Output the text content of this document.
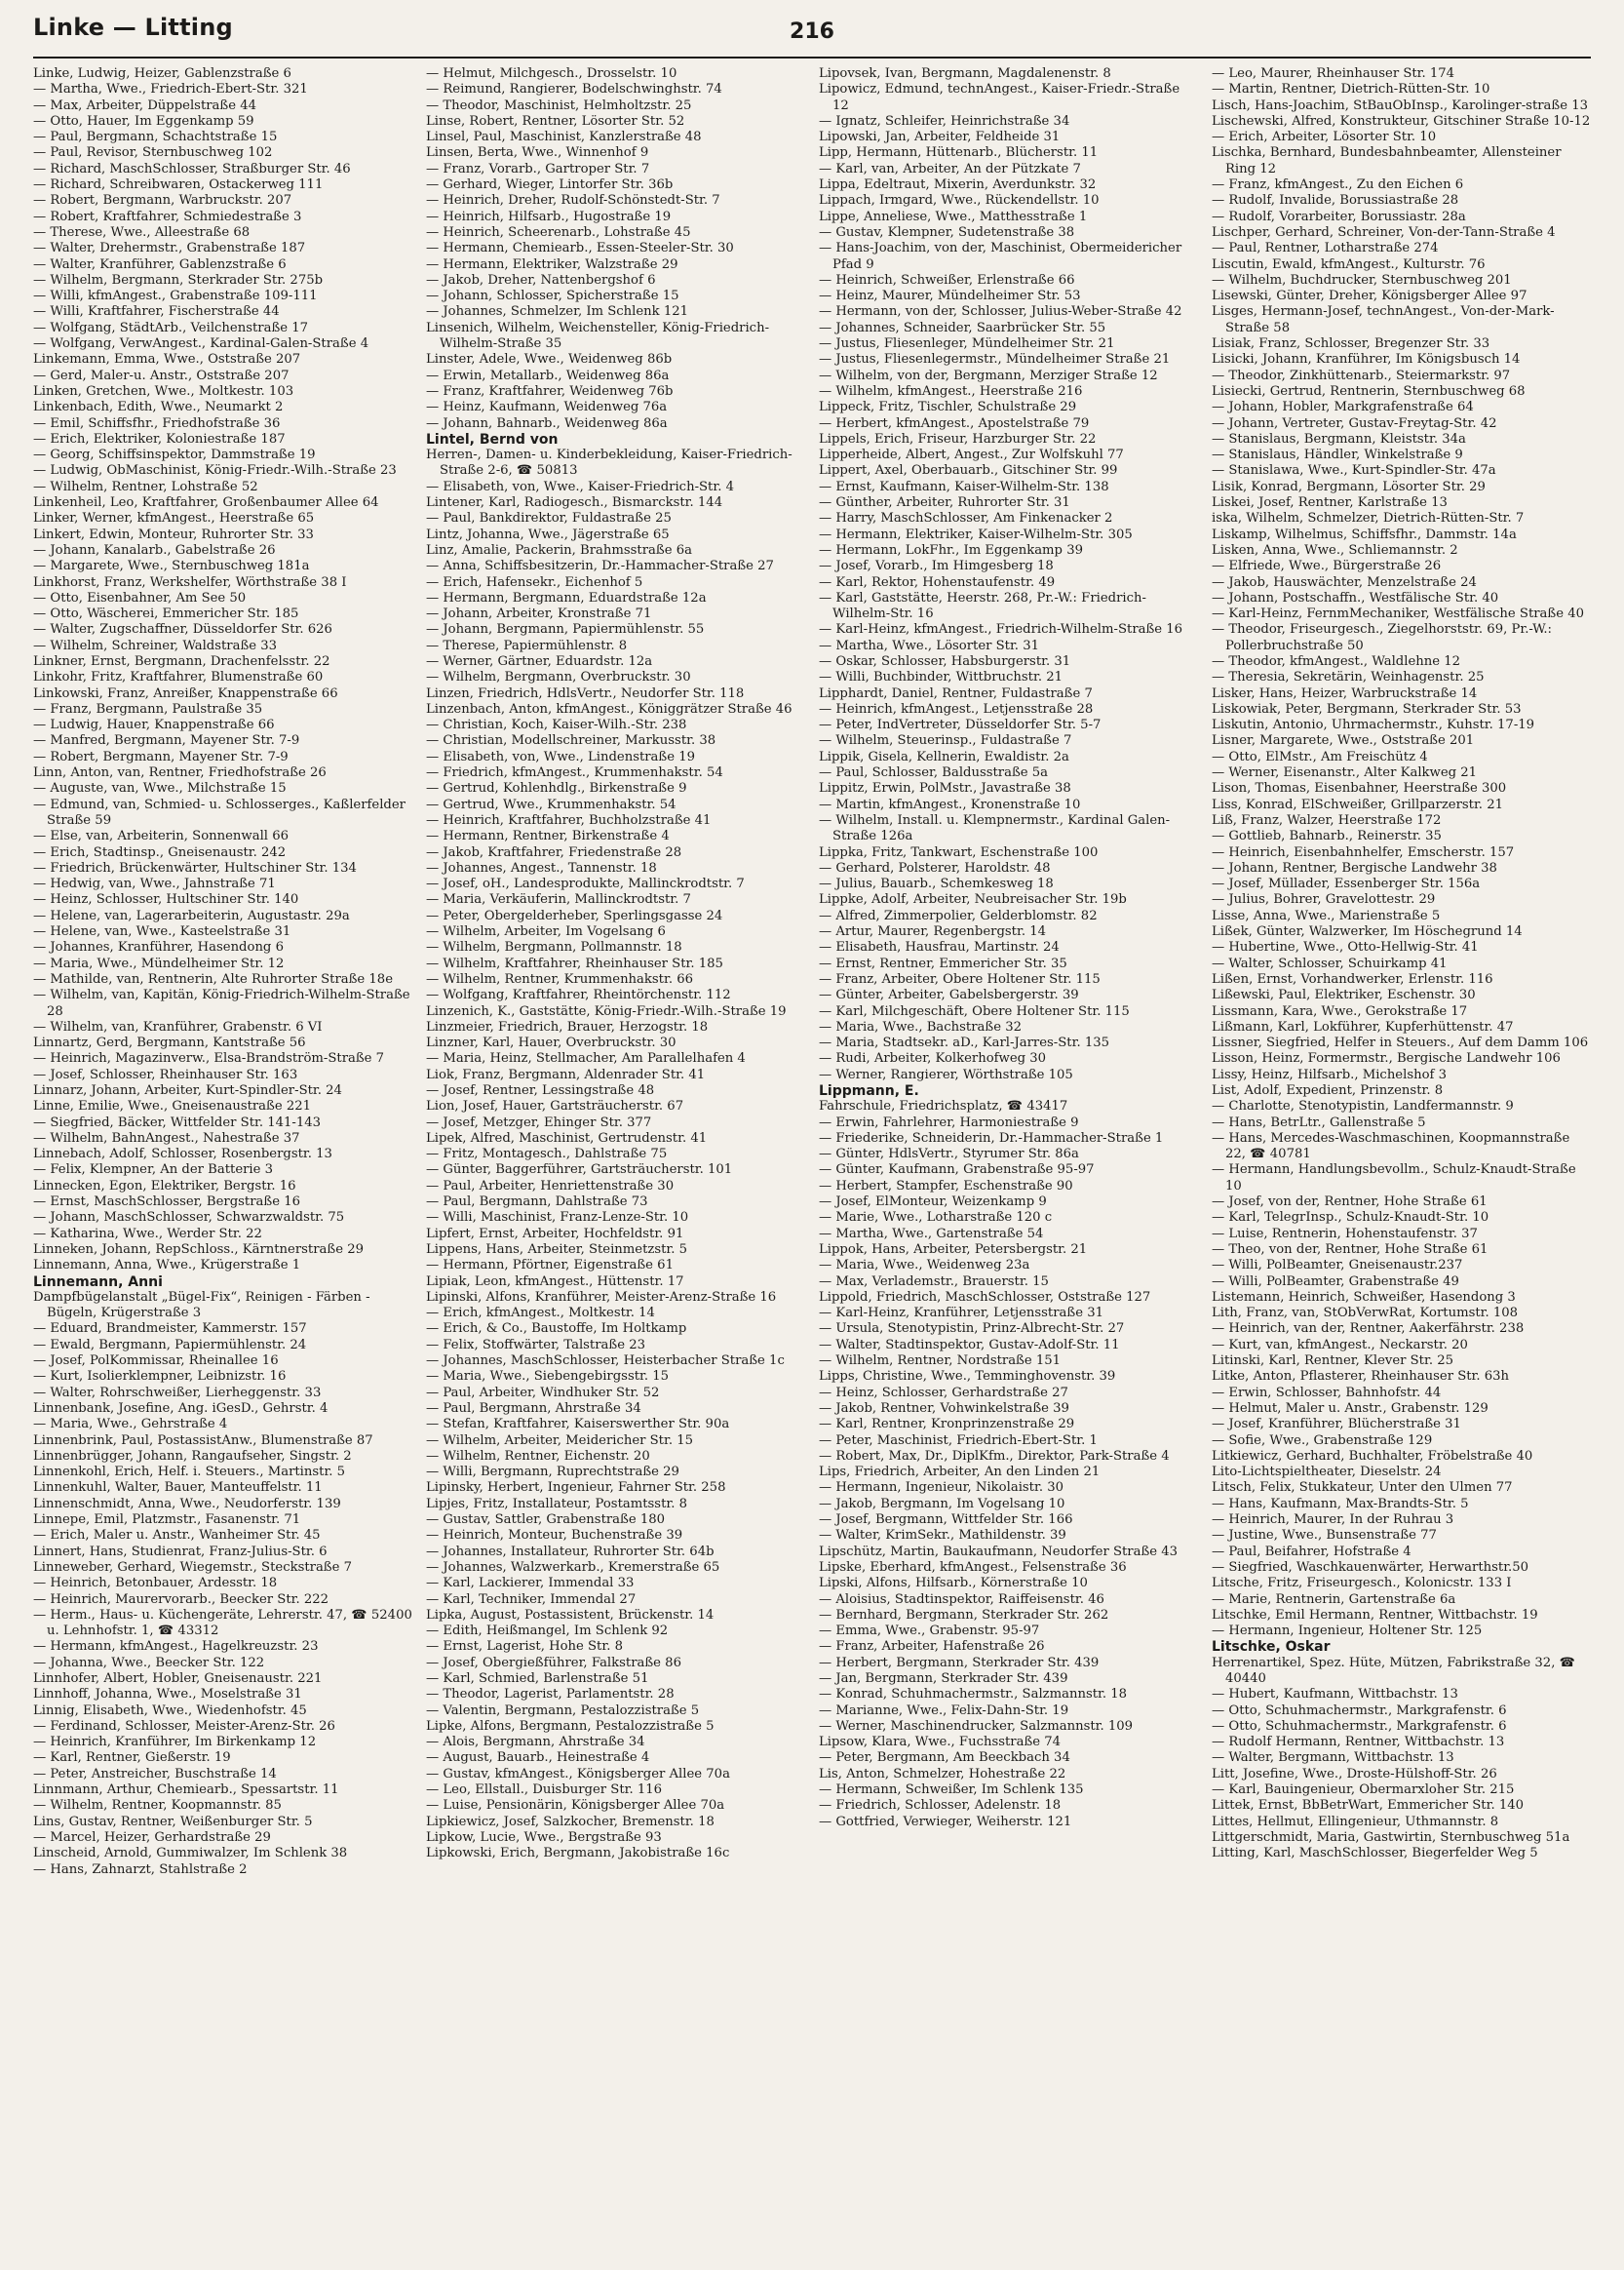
Linke — Litting	216
Linke, Ludwig, Heizer, Gablenzstraße 6
— Martha, Wwe., Friedrich-Ebert-Str. 321
— Max, Arbeiter, Düppelstraße 44
— Otto, Hauer, Im Eggenkamp 59
— Paul, Bergmann, Schachtstraße 15
— Paul, Revisor, Sternbuschweg 102
— Richard, MaschSchlosser, Straßburger Str. 46
— Richard, Schreibwaren, Ostackerweg 111
— Robert, Bergmann, Warbruckstr. 207
— Robert, Kraftfahrer, Schmiedestraße 3
— Therese, Wwe., Alleestraße 68
— Walter, Drehermstr., Grabenstraße 187
— Walter, Kranführer, Gablenzstraße 6
— Wilhelm, Bergmann, Sterkrader Str. 275b
— Willi, kfmAngest., Grabenstraße 109-111
— Willi, Kraftfahrer, Fischerstraße 44
— Wolfgang, StädtArb., Veilchenstraße 17
— Wolfgang, VerwAngest., Kardinal-Galen-Straße 4
Linkemann, Emma, Wwe., Oststraße 207
— Gerd, Maler-u. Anstr., Oststraße 207
Linken, Gretchen, Wwe., Moltkestr. 103
Linkenbach, Edith, Wwe., Neumarkt 2
— Emil, Schiffsfhr., Friedhofstraße 36
— Erich, Elektriker, Koloniestraße 187
— Georg, Schiffsinspektor, Dammstraße 19
— Ludwig, ObMaschinist, König-Friedr.-Wilh.-Straße 23
— Wilhelm, Rentner, Lohstraße 52
Linkenheil, Leo, Kraftfahrer, Großenbaumer Allee 64
Linker, Werner, kfmAngest., Heerstraße 65
Linkert, Edwin, Monteur, Ruhrorter Str. 33
— Johann, Kanalarb., Gabelstraße 26
— Margarete, Wwe., Sternbuschweg 181a
Linkhorst, Franz, Werkshelfer, Wörthstraße 38 I
— Otto, Eisenbahner, Am See 50
— Otto, Wäscherei, Emmericher Str. 185
— Walter, Zugschaffner, Düsseldorfer Str. 626
— Wilhelm, Schreiner, Waldstraße 33
Linkner, Ernst, Bergmann, Drachenfelsstr. 22
Linkohr, Fritz, Kraftfahrer, Blumenstraße 60
Linkowski, Franz, Anreißer, Knappenstraße 66
— Franz, Bergmann, Paulstraße 35
— Ludwig, Hauer, Knappenstraße 66
— Manfred, Bergmann, Mayener Str. 7-9
— Robert, Bergmann, Mayener Str. 7-9
Linn, Anton, van, Rentner, Friedhofstraße 26
— Auguste, van, Wwe., Milchstraße 15
— Edmund, van, Schmied- u. Schlosserges., Kaßlerfelder Straße 59
— Else, van, Arbeiterin, Sonnenwall 66
— Erich, Stadtinsp., Gneisenaustr. 242
— Friedrich, Brückenwärter, Hultschiner Str. 134
— Hedwig, van, Wwe., Jahnstraße 71
— Heinz, Schlosser, Hultschiner Str. 140
— Helene, van, Lagerarbeiterin, Augustastr. 29a
— Helene, van, Wwe., Kasteelstraße 31
— Johannes, Kranführer, Hasendong 6
— Maria, Wwe., Mündelheimer Str. 12
— Mathilde, van, Rentnerin, Alte Ruhrorter Straße 18e
— Wilhelm, van, Kapitän, König-Friedrich-Wilhelm-Straße 28
— Wilhelm, van, Kranführer, Grabenstr. 6 VI
Linnartz, Gerd, Bergmann, Kantstraße 56
— Heinrich, Magazinverw., Elsa-Brandström-Straße 7
— Josef, Schlosser, Rheinhauser Str. 163
Linnarz, Johann, Arbeiter, Kurt-Spindler-Str. 24
Linne, Emilie, Wwe., Gneisenaustraße 221
— Siegfried, Bäcker, Wittfelder Str. 141-143
— Wilhelm, BahnAngest., Nahestraße 37
Linnebach, Adolf, Schlosser, Rosenbergstr. 13
— Felix, Klempner, An der Batterie 3
Linnecken, Egon, Elektriker, Bergstr. 16
— Ernst, MaschSchlosser, Bergstraße 16
— Johann, MaschSchlosser, Schwarzwaldstr. 75
— Katharina, Wwe., Werder Str. 22
Linneken, Johann, RepSchloss., Kärntnerstraße 29
Linnemann, Anna, Wwe., Krügerstraße 1
Linnemann, Anni
Dampfbügelanstalt „Bügel-Fix“, Reinigen - Färben - Bügeln, Krügerstraße 3
— Eduard, Brandmeister, Kammerstr. 157
— Ewald, Bergmann, Papiermühlenstr. 24
— Josef, PolKommissar, Rheinallee 16
— Kurt, Isolierklempner, Leibnizstr. 16
— Walter, Rohrschweißer, Lierheggenstr. 33
Linnenbank, Josefine, Ang. iGesD., Gehrstr. 4
— Maria, Wwe., Gehrstraße 4
Linnenbrink, Paul, PostassistAnw., Blumenstraße 87
Linnenbrügger, Johann, Rangaufseher, Singstr. 2
Linnenkohl, Erich, Helf. i. Steuers., Martinstr. 5
Linnenkuhl, Walter, Bauer, Manteuffelstr. 11
Linnenschmidt, Anna, Wwe., Neudorferstr. 139
Linnepe, Emil, Platzmstr., Fasanenstr. 71
— Erich, Maler u. Anstr., Wanheimer Str. 45
Linnert, Hans, Studienrat, Franz-Julius-Str. 6
Linneweber, Gerhard, Wiegemstr., Steckstraße 7
— Heinrich, Betonbauer, Ardesstr. 18
— Heinrich, Maurervorarb., Beecker Str. 222
— Herm., Haus- u. Küchengeräte, Lehrerstr. 47, ☎ 52400 u. Lehnhofstr. 1, ☎ 43312
— Hermann, kfmAngest., Hagelkreuzstr. 23
— Johanna, Wwe., Beecker Str. 122
Linnhofer, Albert, Hobler, Gneisenaustr. 221
Linnhoff, Johanna, Wwe., Moselstraße 31
Linnig, Elisabeth, Wwe., Wiedenhofstr. 45
— Ferdinand, Schlosser, Meister-Arenz-Str. 26
— Heinrich, Kranführer, Im Birkenkamp 12
— Karl, Rentner, Gießerstr. 19
— Peter, Anstreicher, Buschstraße 14
Linnmann, Arthur, Chemiearb., Spessartstr. 11
— Wilhelm, Rentner, Koopmannstr. 85
Lins, Gustav, Rentner, Weißenburger Str. 5
— Marcel, Heizer, Gerhardstraße 29
Linscheid, Arnold, Gummiwalzer, Im Schlenk 38
— Hans, Zahnarzt, Stahlstraße 2
— Helmut, Milchgesch., Drosselstr. 10
— Reimund, Rangierer, Bodelschwinghstr. 74
— Theodor, Maschinist, Helmholtzstr. 25
Linse, Robert, Rentner, Lösorter Str. 52
Linsel, Paul, Maschinist, Kanzlerstraße 48
Linsen, Berta, Wwe., Winnenhof 9
— Franz, Vorarb., Gartroper Str. 7
— Gerhard, Wieger, Lintorfer Str. 36b
— Heinrich, Dreher, Rudolf-Schönstedt-Str. 7
— Heinrich, Hilfsarb., Hugostraße 19
— Heinrich, Scheerenarb., Lohstraße 45
— Hermann, Chemiearb., Essen-Steeler-Str. 30
— Hermann, Elektriker, Walzstraße 29
— Jakob, Dreher, Nattenbergshof 6
— Johann, Schlosser, Spicherstraße 15
— Johannes, Schmelzer, Im Schlenk 121
Linsenich, Wilhelm, Weichensteller, König-Friedrich-Wilhelm-Straße 35
Linster, Adele, Wwe., Weidenweg 86b
— Erwin, Metallarb., Weidenweg 86a
— Franz, Kraftfahrer, Weidenweg 76b
— Heinz, Kaufmann, Weidenweg 76a
— Johann, Bahnarb., Weidenweg 86a
Lintel, Bernd von
Herren-, Damen- u. Kinderbekleidung, Kaiser-Friedrich-Straße 2-6, ☎ 50813
— Elisabeth, von, Wwe., Kaiser-Friedrich-Str. 4
Lintener, Karl, Radiogesch., Bismarckstr. 144
— Paul, Bankdirektor, Fuldastraße 25
Lintz, Johanna, Wwe., Jägerstraße 65
Linz, Amalie, Packerin, Brahmsstraße 6a
— Anna, Schiffsbesitzerin, Dr.-Hammacher-Straße 27
— Erich, Hafensekr., Eichenhof 5
— Hermann, Bergmann, Eduardstraße 12a
— Johann, Arbeiter, Kronstraße 71
— Johann, Bergmann, Papiermühlenstr. 55
— Therese, Papiermühlenstr. 8
— Werner, Gärtner, Eduardstr. 12a
— Wilhelm, Bergmann, Overbruckstr. 30
Linzen, Friedrich, HdlsVertr., Neudorfer Str. 118
Linzenbach, Anton, kfmAngest., Königgrätzer Straße 46
— Christian, Koch, Kaiser-Wilh.-Str. 238
— Christian, Modellschreiner, Markusstr. 38
— Elisabeth, von, Wwe., Lindenstraße 19
— Friedrich, kfmAngest., Krummenhakstr. 54
— Gertrud, Kohlenhdlg., Birkenstraße 9
— Gertrud, Wwe., Krummenhakstr. 54
— Heinrich, Kraftfahrer, Buchholzstraße 41
— Hermann, Rentner, Birkenstraße 4
— Jakob, Kraftfahrer, Friedenstraße 28
— Johannes, Angest., Tannenstr. 18
— Josef, oH., Landesprodukte, Mallinckrodtstr. 7
— Maria, Verkäuferin, Mallinckrodtstr. 7
— Peter, Obergelderheber, Sperlingsgasse 24
— Wilhelm, Arbeiter, Im Vogelsang 6
— Wilhelm, Bergmann, Pollmannstr. 18
— Wilhelm, Kraftfahrer, Rheinhauser Str. 185
— Wilhelm, Rentner, Krummenhakstr. 66
— Wolfgang, Kraftfahrer, Rheintörchenstr. 112
Linzenich, K., Gaststätte, König-Friedr.-Wilh.-Straße 19
Linzmeier, Friedrich, Brauer, Herzogstr. 18
Linzner, Karl, Hauer, Overbruckstr. 30
— Maria, Heinz, Stellmacher, Am Parallelhafen 4
Liok, Franz, Bergmann, Aldenrader Str. 41
— Josef, Rentner, Lessingstraße 48
Lion, Josef, Hauer, Gartsträucherstr. 67
— Josef, Metzger, Ehinger Str. 377
Lipek, Alfred, Maschinist, Gertrudenstr. 41
— Fritz, Montagesch., Dahlstraße 75
— Günter, Baggerführer, Gartsträucherstr. 101
— Paul, Arbeiter, Henriettenstraße 30
— Paul, Bergmann, Dahlstraße 73
— Willi, Maschinist, Franz-Lenze-Str. 10
Lipfert, Ernst, Arbeiter, Hochfeldstr. 91
Lippens, Hans, Arbeiter, Steinmetzstr. 5
— Hermann, Pförtner, Eigenstraße 61
Lipiak, Leon, kfmAngest., Hüttenstr. 17
Lipinski, Alfons, Kranführer, Meister-Arenz-Straße 16
— Erich, kfmAngest., Moltkestr. 14
— Erich, & Co., Baustoffe, Im Holtkamp
— Felix, Stoffwärter, Talstraße 23
— Johannes, MaschSchlosser, Heisterbacher Straße 1c
— Maria, Wwe., Siebengebirgsstr. 15
— Paul, Arbeiter, Windhuker Str. 52
— Paul, Bergmann, Ahrstraße 34
— Stefan, Kraftfahrer, Kaiserswerther Str. 90a
— Wilhelm, Arbeiter, Meidericher Str. 15
— Wilhelm, Rentner, Eichenstr. 20
— Willi, Bergmann, Ruprechtstraße 29
Lipinsky, Herbert, Ingenieur, Fahrner Str. 258
Lipjes, Fritz, Installateur, Postamtsstr. 8
— Gustav, Sattler, Grabenstraße 180
— Heinrich, Monteur, Buchenstraße 39
— Johannes, Installateur, Ruhrorter Str. 64b
— Johannes, Walzwerkarb., Kremerstraße 65
— Karl, Lackierer, Immendal 33
— Karl, Techniker, Immendal 27
Lipka, August, Postassistent, Brückenstr. 14
— Edith, Heißmangel, Im Schlenk 92
— Ernst, Lagerist, Hohe Str. 8
— Josef, Obergießführer, Falkstraße 86
— Karl, Schmied, Barlenstraße 51
— Theodor, Lagerist, Parlamentstr. 28
— Valentin, Bergmann, Pestalozzistraße 5
Lipke, Alfons, Bergmann, Pestalozzistraße 5
— Alois, Bergmann, Ahrstraße 34
— August, Bauarb., Heinestraße 4
— Gustav, kfmAngest., Königsberger Allee 70a
— Leo, Ellstall., Duisburger Str. 116
— Luise, Pensionärin, Königsberger Allee 70a
Lipkiewicz, Josef, Salzkocher, Bremenstr. 18
Lipkow, Lucie, Wwe., Bergstraße 93
Lipkowski, Erich, Bergmann, Jakobistraße 16c
Lipovsek, Ivan, Bergmann, Magdalenenstr. 8
Lipowicz, Edmund, technAngest., Kaiser-Friedr.-Straße 12
— Ignatz, Schleifer, Heinrichstraße 34
Lipowski, Jan, Arbeiter, Feldheide 31
Lipp, Hermann, Hüttenarb., Blücherstr. 11
— Karl, van, Arbeiter, An der Pützkate 7
Lippa, Edeltraut, Mixerin, Averdunkstr. 32
Lippach, Irmgard, Wwe., Rückendellstr. 10
Lippe, Anneliese, Wwe., Matthesstraße 1
— Gustav, Klempner, Sudetenstraße 38
— Hans-Joachim, von der, Maschinist, Obermeidericher Pfad 9
— Heinrich, Schweißer, Erlenstraße 66
— Heinz, Maurer, Mündelheimer Str. 53
— Hermann, von der, Schlosser, Julius-Weber-Straße 42
— Johannes, Schneider, Saarbrücker Str. 55
— Justus, Fliesenleger, Mündelheimer Str. 21
— Justus, Fliesenlegermstr., Mündelheimer Straße 21
— Wilhelm, von der, Bergmann, Merziger Straße 12
— Wilhelm, kfmAngest., Heerstraße 216
Lippeck, Fritz, Tischler, Schulstraße 29
— Herbert, kfmAngest., Apostelstraße 79
Lippels, Erich, Friseur, Harzburger Str. 22
Lipperheide, Albert, Angest., Zur Wolfskuhl 77
Lippert, Axel, Oberbauarb., Gitschiner Str. 99
— Ernst, Kaufmann, Kaiser-Wilhelm-Str. 138
— Günther, Arbeiter, Ruhrorter Str. 31
— Harry, MaschSchlosser, Am Finkenacker 2
— Hermann, Elektriker, Kaiser-Wilhelm-Str. 305
— Hermann, LokFhr., Im Eggenkamp 39
— Josef, Vorarb., Im Himgesberg 18
— Karl, Rektor, Hohenstaufenstr. 49
— Karl, Gaststätte, Heerstr. 268, Pr.-W.: Friedrich-Wilhelm-Str. 16
— Karl-Heinz, kfmAngest., Friedrich-Wilhelm-Straße 16
— Martha, Wwe., Lösorter Str. 31
— Oskar, Schlosser, Habsburgerstr. 31
— Willi, Buchbinder, Wittbruchstr. 21
Lipphardt, Daniel, Rentner, Fuldastraße 7
— Heinrich, kfmAngest., Letjensstraße 28
— Peter, IndVertreter, Düsseldorfer Str. 5-7
— Wilhelm, Steuerinsp., Fuldastraße 7
Lippik, Gisela, Kellnerin, Ewaldistr. 2a
— Paul, Schlosser, Baldusstraße 5a
Lippitz, Erwin, PolMstr., Javastraße 38
— Martin, kfmAngest., Kronenstraße 10
— Wilhelm, Install. u. Klempnermstr., Kardinal Galen-Straße 126a
Lippka, Fritz, Tankwart, Eschenstraße 100
— Gerhard, Polsterer, Haroldstr. 48
— Julius, Bauarb., Schemkesweg 18
Lippke, Adolf, Arbeiter, Neubreisacher Str. 19b
— Alfred, Zimmerpolier, Gelderblomstr. 82
— Artur, Maurer, Regenbergstr. 14
— Elisabeth, Hausfrau, Martinstr. 24
— Ernst, Rentner, Emmericher Str. 35
— Franz, Arbeiter, Obere Holtener Str. 115
— Günter, Arbeiter, Gabelsbergerstr. 39
— Karl, Milchgeschäft, Obere Holtener Str. 115
— Maria, Wwe., Bachstraße 32
— Maria, Stadtsekr. aD., Karl-Jarres-Str. 135
— Rudi, Arbeiter, Kolkerhofweg 30
— Werner, Rangierer, Wörthstraße 105
Lippmann, E.
Fahrschule, Friedrichsplatz, ☎ 43417
— Erwin, Fahrlehrer, Harmoniestraße 9
— Friederike, Schneiderin, Dr.-Hammacher-Straße 1
— Günter, HdlsVertr., Styrumer Str. 86a
— Günter, Kaufmann, Grabenstraße 95-97
— Herbert, Stampfer, Eschenstraße 90
— Josef, ElMonteur, Weizenkamp 9
— Marie, Wwe., Lotharstraße 120 c
— Martha, Wwe., Gartenstraße 54
Lippok, Hans, Arbeiter, Petersbergstr. 21
— Maria, Wwe., Weidenweg 23a
— Max, Verlademstr., Brauerstr. 15
Lippold, Friedrich, MaschSchlosser, Oststraße 127
— Karl-Heinz, Kranführer, Letjensstraße 31
— Ursula, Stenotypistin, Prinz-Albrecht-Str. 27
— Walter, Stadtinspektor, Gustav-Adolf-Str. 11
— Wilhelm, Rentner, Nordstraße 151
Lipps, Christine, Wwe., Temminghovenstr. 39
— Heinz, Schlosser, Gerhardstraße 27
— Jakob, Rentner, Vohwinkelstraße 39
— Karl, Rentner, Kronprinzenstraße 29
— Peter, Maschinist, Friedrich-Ebert-Str. 1
— Robert, Max, Dr., DiplKfm., Direktor, Park-Straße 4
Lips, Friedrich, Arbeiter, An den Linden 21
— Hermann, Ingenieur, Nikolaistr. 30
— Jakob, Bergmann, Im Vogelsang 10
— Josef, Bergmann, Wittfelder Str. 166
— Walter, KrimSekr., Mathildenstr. 39
Lipschütz, Martin, Baukaufmann, Neudorfer Straße 43
Lipske, Eberhard, kfmAngest., Felsenstraße 36
Lipski, Alfons, Hilfsarb., Körnerstraße 10
— Aloisius, Stadtinspektor, Raiffeisenstr. 46
— Bernhard, Bergmann, Sterkrader Str. 262
— Emma, Wwe., Grabenstr. 95-97
— Franz, Arbeiter, Hafenstraße 26
— Herbert, Bergmann, Sterkrader Str. 439
— Jan, Bergmann, Sterkrader Str. 439
— Konrad, Schuhmachermstr., Salzmannstr. 18
— Marianne, Wwe., Felix-Dahn-Str. 19
— Werner, Maschinendrucker, Salzmannstr. 109
Lipsow, Klara, Wwe., Fuchsstraße 74
— Peter, Bergmann, Am Beeckbach 34
Lis, Anton, Schmelzer, Hohestraße 22
— Hermann, Schweißer, Im Schlenk 135
— Friedrich, Schlosser, Adelenstr. 18
— Gottfried, Verwieger, Weiherstr. 121
— Leo, Maurer, Rheinhauser Str. 174
— Martin, Rentner, Dietrich-Rütten-Str. 10
Lisch, Hans-Joachim, StBauObInsp., Karolinger-straße 13
Lischewski, Alfred, Konstrukteur, Gitschiner Straße 10-12
— Erich, Arbeiter, Lösorter Str. 10
Lischka, Bernhard, Bundesbahnbeamter, Allensteiner Ring 12
— Franz, kfmAngest., Zu den Eichen 6
— Rudolf, Invalide, Borussiastraße 28
— Rudolf, Vorarbeiter, Borussiastr. 28a
Lischper, Gerhard, Schreiner, Von-der-Tann-Straße 4
— Paul, Rentner, Lotharstraße 274
Liscutin, Ewald, kfmAngest., Kulturstr. 76
— Wilhelm, Buchdrucker, Sternbuschweg 201
Lisewski, Günter, Dreher, Königsberger Allee 97
Lisges, Hermann-Josef, technAngest., Von-der-Mark-Straße 58
Lisiak, Franz, Schlosser, Bregenzer Str. 33
Lisicki, Johann, Kranführer, Im Königsbusch 14
— Theodor, Zinkhüttenarb., Steiermarkstr. 97
Lisiecki, Gertrud, Rentnerin, Sternbuschweg 68
— Johann, Hobler, Markgrafenstraße 64
— Johann, Vertreter, Gustav-Freytag-Str. 42
— Stanislaus, Bergmann, Kleiststr. 34a
— Stanislaus, Händler, Winkelstraße 9
— Stanislawa, Wwe., Kurt-Spindler-Str. 47a
Lisik, Konrad, Bergmann, Lösorter Str. 29
Liskei, Josef, Rentner, Karlstraße 13
iska, Wilhelm, Schmelzer, Dietrich-Rütten-Str. 7
Liskamp, Wilhelmus, Schiffsfhr., Dammstr. 14a
Lisken, Anna, Wwe., Schliemannstr. 2
— Elfriede, Wwe., Bürgerstraße 26
— Jakob, Hauswächter, Menzelstraße 24
— Johann, Postschaffn., Westfälische Str. 40
— Karl-Heinz, FernmMechaniker, Westfälische Straße 40
— Theodor, Friseurgesch., Ziegelhorststr. 69, Pr.-W.: Pollerbruchstraße 50
— Theodor, kfmAngest., Waldlehne 12
— Theresia, Sekretärin, Weinhagenstr. 25
Lisker, Hans, Heizer, Warbruckstraße 14
Liskowiak, Peter, Bergmann, Sterkrader Str. 53
Liskutin, Antonio, Uhrmachermstr., Kuhstr. 17-19
Lisner, Margarete, Wwe., Oststraße 201
— Otto, ElMstr., Am Freischütz 4
— Werner, Eisenanstr., Alter Kalkweg 21
Lison, Thomas, Eisenbahner, Heerstraße 300
Liss, Konrad, ElSchweißer, Grillparzerstr. 21
Liß, Franz, Walzer, Heerstraße 172
— Gottlieb, Bahnarb., Reinerstr. 35
— Heinrich, Eisenbahnhelfer, Emscherstr. 157
— Johann, Rentner, Bergische Landwehr 38
— Josef, Müllader, Essenberger Str. 156a
— Julius, Bohrer, Gravelottestr. 29
Lisse, Anna, Wwe., Marienstraße 5
Lißek, Günter, Walzwerker, Im Höschegrund 14
— Hubertine, Wwe., Otto-Hellwig-Str. 41
— Walter, Schlosser, Schuirkamp 41
Lißen, Ernst, Vorhandwerker, Erlenstr. 116
Lißewski, Paul, Elektriker, Eschenstr. 30
Lissmann, Kara, Wwe., Gerokstraße 17
Lißmann, Karl, Lokführer, Kupferhüttenstr. 47
Lissner, Siegfried, Helfer in Steuers., Auf dem Damm 106
Lisson, Heinz, Formermstr., Bergische Landwehr 106
Lissy, Heinz, Hilfsarb., Michelshof 3
List, Adolf, Expedient, Prinzenstr. 8
— Charlotte, Stenotypistin, Landfermannstr. 9
— Hans, BetrLtr., Gallenstraße 5
— Hans, Mercedes-Waschmaschinen, Koopmannstraße 22, ☎ 40781
— Hermann, Handlungsbevollm., Schulz-Knaudt-Straße 10
— Josef, von der, Rentner, Hohe Straße 61
— Karl, TelegrInsp., Schulz-Knaudt-Str. 10
— Luise, Rentnerin, Hohenstaufenstr. 37
— Theo, von der, Rentner, Hohe Straße 61
— Willi, PolBeamter, Gneisenaustr.237
— Willi, PolBeamter, Grabenstraße 49
Listemann, Heinrich, Schweißer, Hasendong 3
Lith, Franz, van, StObVerwRat, Kortumstr. 108
— Heinrich, van der, Rentner, Aakerfährstr. 238
— Kurt, van, kfmAngest., Neckarstr. 20
Litinski, Karl, Rentner, Klever Str. 25
Litke, Anton, Pflasterer, Rheinhauser Str. 63h
— Erwin, Schlosser, Bahnhofstr. 44
— Helmut, Maler u. Anstr., Grabenstr. 129
— Josef, Kranführer, Blücherstraße 31
— Sofie, Wwe., Grabenstraße 129
Litkiewicz, Gerhard, Buchhalter, Fröbelstraße 40
Lito-Lichtspieltheater, Dieselstr. 24
Litsch, Felix, Stukkateur, Unter den Ulmen 77
— Hans, Kaufmann, Max-Brandts-Str. 5
— Heinrich, Maurer, In der Ruhrau 3
— Justine, Wwe., Bunsenstraße 77
— Paul, Beifahrer, Hofstraße 4
— Siegfried, Waschkauenwärter, Herwarthstr.50
Litsche, Fritz, Friseurgesch., Kolonicstr. 133 I
— Marie, Rentnerin, Gartenstraße 6a
Litschke, Emil Hermann, Rentner, Wittbachstr. 19
— Hermann, Ingenieur, Holtener Str. 125
Litschke, Oskar
Herrenartikel, Spez. Hüte, Mützen, Fabrikstraße 32, ☎ 40440
— Hubert, Kaufmann, Wittbachstr. 13
— Otto, Schuhmachermstr., Markgrafenstr. 6
— Otto, Schuhmachermstr., Markgrafenstr. 6
— Rudolf Hermann, Rentner, Wittbachstr. 13
— Walter, Bergmann, Wittbachstr. 13
Litt, Josefine, Wwe., Droste-Hülshoff-Str. 26
— Karl, Bauingenieur, Obermarxloher Str. 215
Littek, Ernst, BbBetrWart, Emmericher Str. 140
Littes, Hellmut, Ellingenieur, Uthmannstr. 8
Littgerschmidt, Maria, Gastwirtin, Sternbuschweg 51a
Litting, Karl, MaschSchlosser, Biegerfelder Weg 5
